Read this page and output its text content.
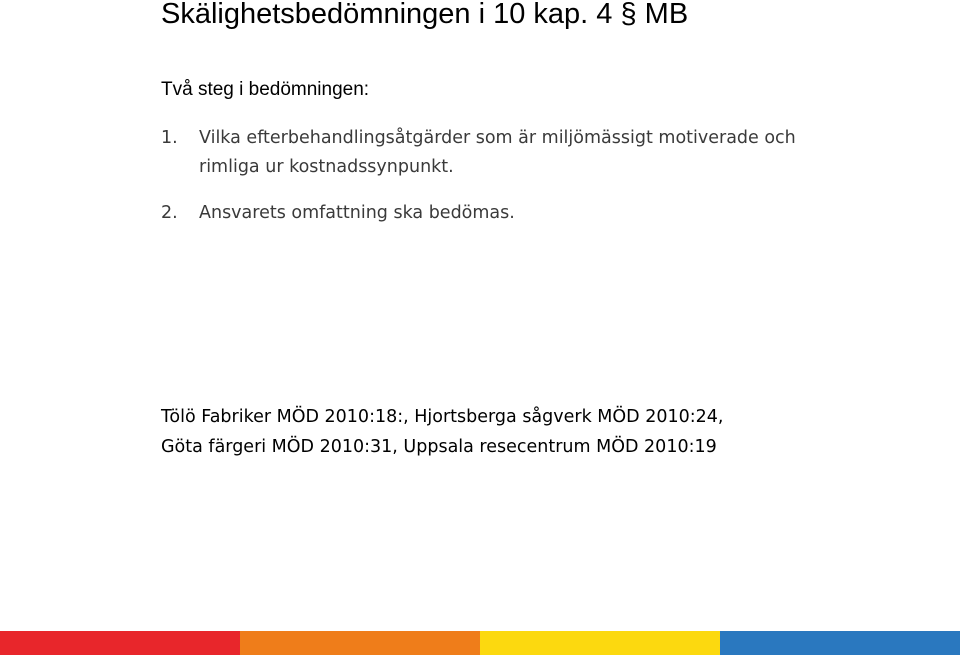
Skälighetsbedömningen i 10 kap. 4 § MB

Två steg i bedömningen:

1.	Vilka efterbehandlingsåtgärder som är miljömässigt motiverade och rimliga ur kostnadssynpunkt.
2.	Ansvarets omfattning ska bedömas.
Tölö Fabriker MÖD 2010:18:, Hjortsberga sågverk MÖD 2010:24,
Göta färgeri MÖD 2010:31, Uppsala resecentrum MÖD 2010:19
